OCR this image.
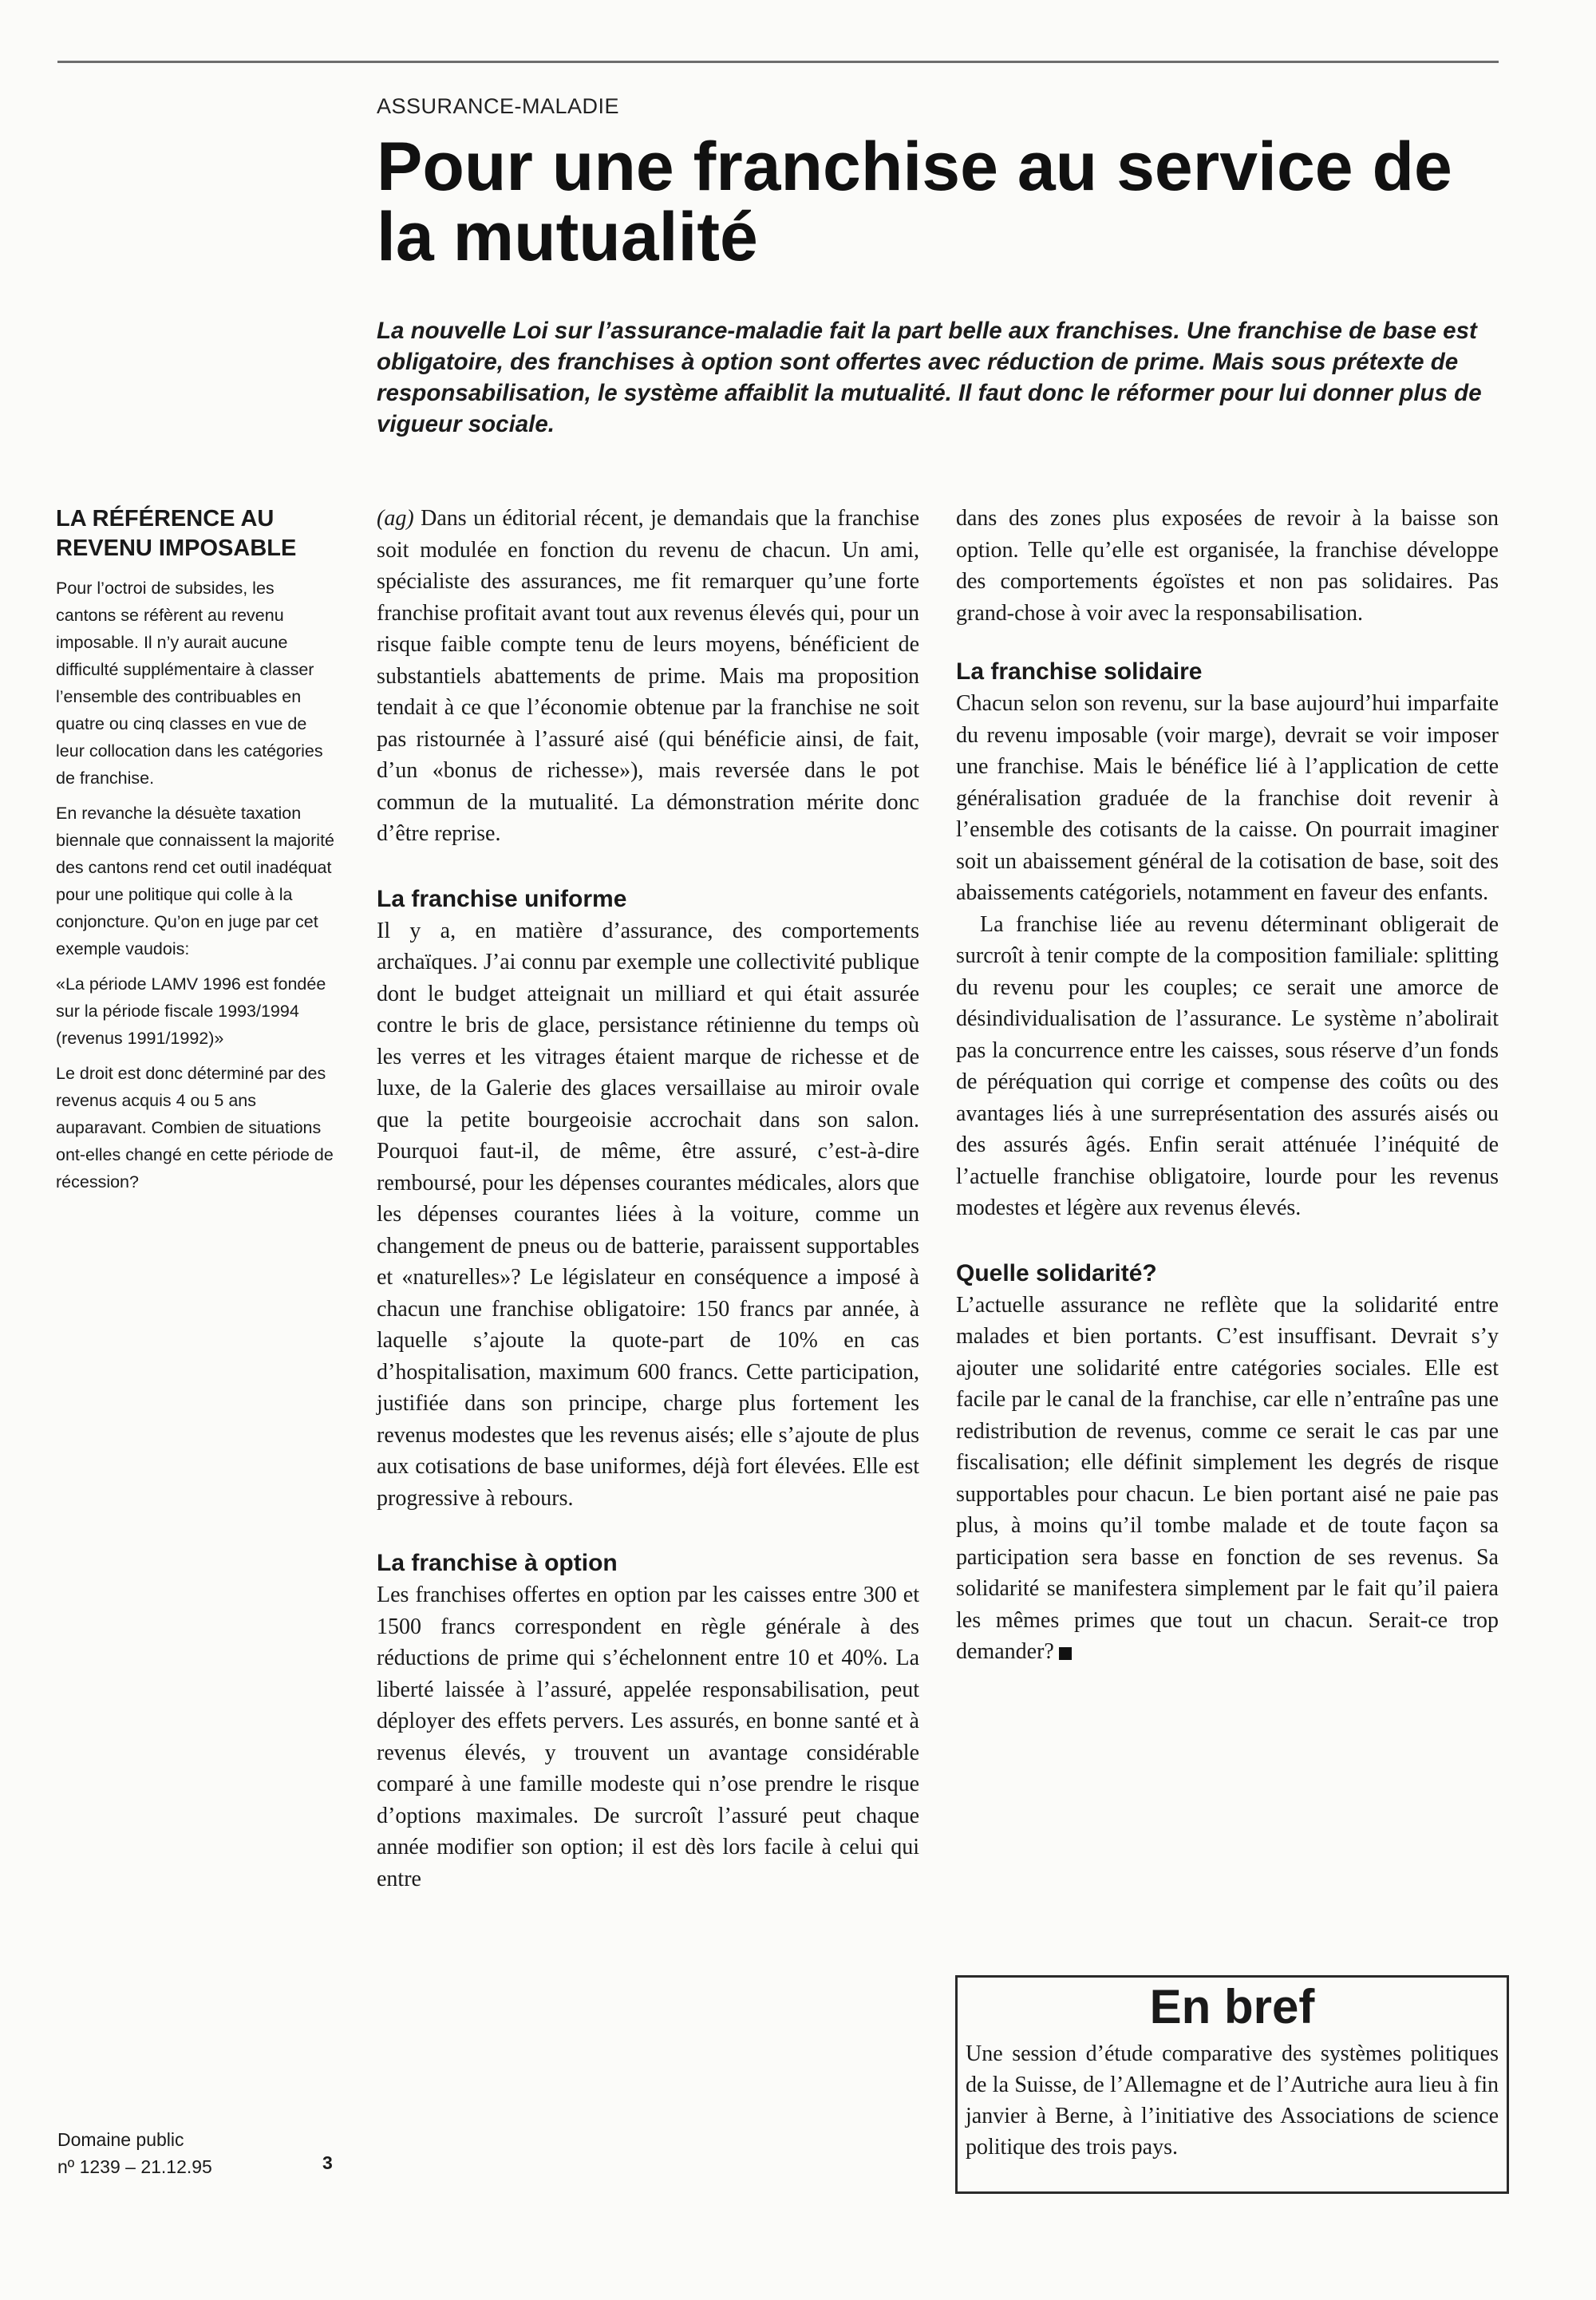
ASSURANCE-MALADIE
Pour une franchise au service de la mutualité

La nouvelle Loi sur l’assurance-maladie fait la part belle aux franchises. Une franchise de base est obligatoire, des franchises à option sont offertes avec réduction de prime. Mais sous prétexte de responsabilisation, le système affaiblit la mutualité. Il faut donc le réformer pour lui donner plus de vigueur sociale.

LA RÉFÉRENCE AU REVENU IMPOSABLE

Pour l’octroi de subsides, les cantons se réfèrent au revenu imposable. Il n’y aurait aucune difficulté supplémentaire à classer l’ensemble des contribuables en quatre ou cinq classes en vue de leur collocation dans les catégories de franchise.

En revanche la désuète taxation biennale que connaissent la majorité des cantons rend cet outil inadéquat pour une politique qui colle à la conjoncture. Qu’on en juge par cet exemple vaudois:

«La période LAMV 1996 est fondée sur la période fiscale 1993/1994 (revenus 1991/1992)»

Le droit est donc déterminé par des revenus acquis 4 ou 5 ans auparavant. Combien de situations ont-elles changé en cette période de récession?

Domaine public
nº 1239 – 21.12.95	3

(ag) Dans un éditorial récent, je demandais que la franchise soit modulée en fonction du revenu de chacun. Un ami, spécialiste des assurances, me fit remarquer qu’une forte franchise profitait avant tout aux revenus élevés qui, pour un risque faible compte tenu de leurs moyens, bénéficient de substantiels abattements de prime. Mais ma proposition tendait à ce que l’économie obtenue par la franchise ne soit pas ristournée à l’assuré aisé (qui bénéficie ainsi, de fait, d’un «bonus de richesse»), mais reversée dans le pot commun de la mutualité. La démonstration mérite donc d’être reprise.

La franchise uniforme

Il y a, en matière d’assurance, des comportements archaïques. J’ai connu par exemple une collectivité publique dont le budget atteignait un milliard et qui était assurée contre le bris de glace, persistance rétinienne du temps où les verres et les vitrages étaient marque de richesse et de luxe, de la Galerie des glaces versaillaise au miroir ovale que la petite bourgeoisie accrochait dans son salon. Pourquoi faut-il, de même, être assuré, c’est-à-dire remboursé, pour les dépenses courantes médicales, alors que les dépenses courantes liées à la voiture, comme un changement de pneus ou de batterie, paraissent supportables et «naturelles»? Le législateur en conséquence a imposé à chacun une franchise obligatoire: 150 francs par année, à laquelle s’ajoute la quote-part de 10% en cas d’hospitalisation, maximum 600 francs. Cette participation, justifiée dans son principe, charge plus fortement les revenus modestes que les revenus aisés; elle s’ajoute de plus aux cotisations de base uniformes, déjà fort élevées. Elle est progressive à rebours.

La franchise à option

Les franchises offertes en option par les caisses entre 300 et 1500 francs correspondent en règle générale à des réductions de prime qui s’échelonnent entre 10 et 40%. La liberté laissée à l’assuré, appelée responsabilisation, peut déployer des effets pervers. Les assurés, en bonne santé et à revenus élevés, y trouvent un avantage considérable comparé à une famille modeste qui n’ose prendre le risque d’options maximales. De surcroît l’assuré peut chaque année modifier son option; il est dès lors facile à celui qui entre

dans des zones plus exposées de revoir à la baisse son option. Telle qu’elle est organisée, la franchise développe des comportements égoïstes et non pas solidaires. Pas grand-chose à voir avec la responsabilisation.

La franchise solidaire

Chacun selon son revenu, sur la base aujourd’hui imparfaite du revenu imposable (voir marge), devrait se voir imposer une franchise. Mais le bénéfice lié à l’application de cette généralisation graduée de la franchise doit revenir à l’ensemble des cotisants de la caisse. On pourrait imaginer soit un abaissement général de la cotisation de base, soit des abaissements catégoriels, notamment en faveur des enfants.

La franchise liée au revenu déterminant obligerait de surcroît à tenir compte de la composition familiale: splitting du revenu pour les couples; ce serait une amorce de désindividualisation de l’assurance. Le système n’abolirait pas la concurrence entre les caisses, sous réserve d’un fonds de péréquation qui corrige et compense des coûts ou des avantages liés à une surreprésentation des assurés aisés ou des assurés âgés. Enfin serait atténuée l’inéquité de l’actuelle franchise obligatoire, lourde pour les revenus modestes et légère aux revenus élevés.

Quelle solidarité?

L’actuelle assurance ne reflète que la solidarité entre malades et bien portants. C’est insuffisant. Devrait s’y ajouter une solidarité entre catégories sociales. Elle est facile par le canal de la franchise, car elle n’entraîne pas une redistribution de revenus, comme ce serait le cas par une fiscalisation; elle définit simplement les degrés de risque supportables pour chacun. Le bien portant aisé ne paie pas plus, à moins qu’il tombe malade et de toute façon sa participation sera basse en fonction de ses revenus. Sa solidarité se manifestera simplement par le fait qu’il paiera les mêmes primes que tout un chacun. Serait-ce trop demander?

En bref

Une session d’étude comparative des systèmes politiques de la Suisse, de l’Allemagne et de l’Autriche aura lieu à fin janvier à Berne, à l’initiative des Associations de science politique des trois pays.
